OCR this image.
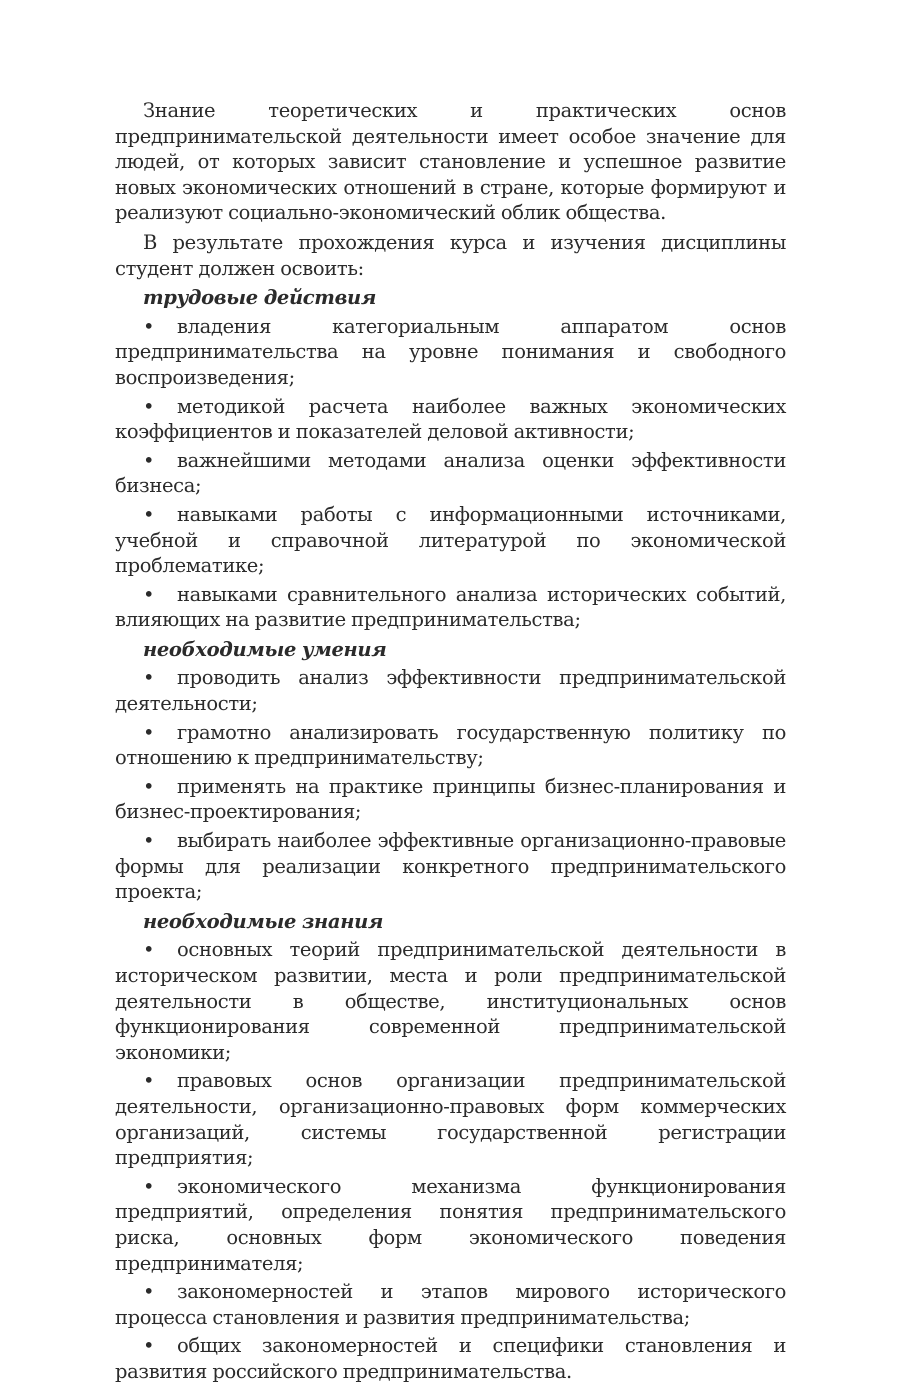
Знание теоретических и практических основ предпринимательской деятельности имеет особое значение для людей, от которых зависит становление и успешное развитие новых экономических отношений в стране, которые формируют и реализуют социально-экономический облик общества.

В результате прохождения курса и изучения дисциплины студент должен освоить:

трудовые действия
• владения категориальным аппаратом основ предпринимательства на уровне понимания и свободного воспроизведения;
• методикой расчета наиболее важных экономических коэффициентов и показателей деловой активности;
• важнейшими методами анализа оценки эффективности бизнеса;
• навыками работы с информационными источниками, учебной и справочной литературой по экономической проблематике;
• навыками сравнительного анализа исторических событий, влияющих на развитие предпринимательства;
необходимые умения
• проводить анализ эффективности предпринимательской деятельности;
• грамотно анализировать государственную политику по отношению к предпринимательству;
• применять на практике принципы бизнес-планирования и бизнес-проектирования;
• выбирать наиболее эффективные организационно-правовые формы для реализации конкретного предпринимательского проекта;
необходимые знания
• основных теорий предпринимательской деятельности в историческом развитии, места и роли предпринимательской деятельности в обществе, институциональных основ функционирования современной предпринимательской экономики;
• правовых основ организации предпринимательской деятельности, организационно-правовых форм коммерческих организаций, системы государственной регистрации предприятия;
• экономического механизма функционирования предприятий, определения понятия предпринимательского риска, основных форм экономического поведения предпринимателя;
• закономерностей и этапов мирового исторического процесса становления и развития предпринимательства;
• общих закономерностей и специфики становления и развития российского предпринимательства.
